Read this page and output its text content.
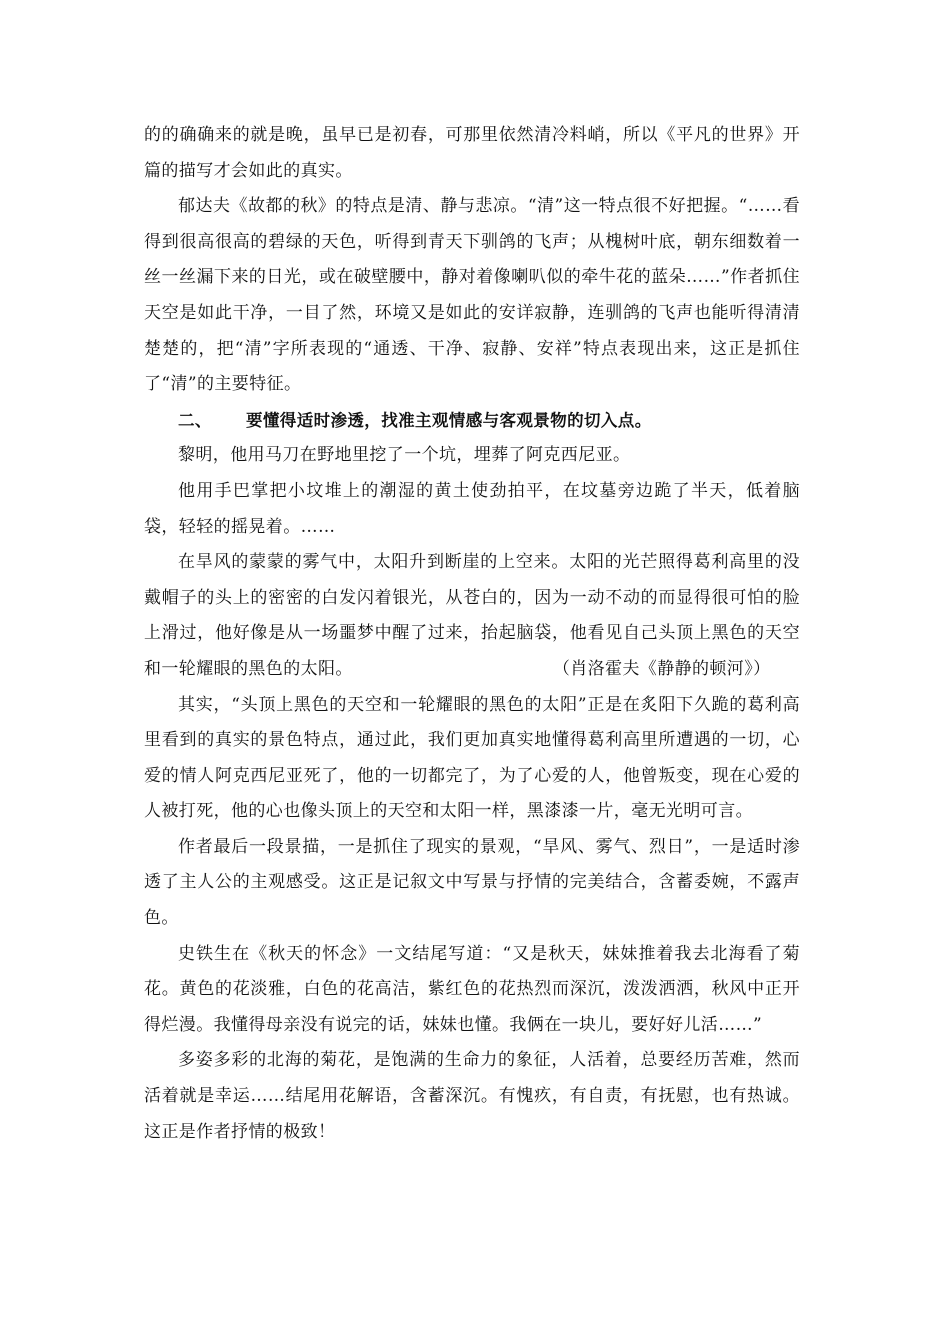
的的确确来的就是晚，虽早已是初春，可那里依然清冷料峭，所以《平凡的世界》开篇的描写才会如此的真实。

郁达夫《故都的秋》的特点是清、静与悲凉。“清”这一特点很不好把握。“……看得到很高很高的碧绿的天色，听得到青天下驯鸽的飞声；从槐树叶底，朝东细数着一丝一丝漏下来的日光，或在破壁腰中，静对着像喇叭似的牵牛花的蓝朵……”作者抓住天空是如此干净，一目了然，环境又是如此的安详寂静，连驯鸽的飞声也能听得清清楚楚的，把“清”字所表现的“通透、干净、寂静、安祥”特点表现出来，这正是抓住了“清”的主要特征。

二、 要懂得适时渗透，找准主观情感与客观景物的切入点。

黎明，他用马刀在野地里挖了一个坑，埋葬了阿克西尼亚。

他用手巴掌把小坟堆上的潮湿的黄土使劲拍平，在坟墓旁边跪了半天，低着脑袋，轻轻的摇晃着。……

在旱风的蒙蒙的雾气中，太阳升到断崖的上空来。太阳的光芒照得葛利高里的没戴帽子的头上的密密的白发闪着银光，从苍白的，因为一动不动的而显得很可怕的脸上滑过，他好像是从一场噩梦中醒了过来，抬起脑袋，他看见自己头顶上黑色的天空和一轮耀眼的黑色的太阳。	（肖洛霍夫《静静的顿河》）

其实，“头顶上黑色的天空和一轮耀眼的黑色的太阳”正是在炙阳下久跪的葛利高里看到的真实的景色特点，通过此，我们更加真实地懂得葛利高里所遭遇的一切，心爱的情人阿克西尼亚死了，他的一切都完了，为了心爱的人，他曾叛变，现在心爱的人被打死，他的心也像头顶上的天空和太阳一样，黑漆漆一片，毫无光明可言。

作者最后一段景描，一是抓住了现实的景观，“旱风、雾气、烈日”，一是适时渗透了主人公的主观感受。这正是记叙文中写景与抒情的完美结合，含蓄委婉，不露声色。

史铁生在《秋天的怀念》一文结尾写道：“又是秋天，妹妹推着我去北海看了菊花。黄色的花淡雅，白色的花高洁，紫红色的花热烈而深沉，泼泼洒洒，秋风中正开得烂漫。我懂得母亲没有说完的话，妹妹也懂。我俩在一块儿，要好好儿活……”

多姿多彩的北海的菊花，是饱满的生命力的象征，人活着，总要经历苦难，然而活着就是幸运……结尾用花解语，含蓄深沉。有愧疚，有自责，有抚慰，也有热诚。这正是作者抒情的极致！
